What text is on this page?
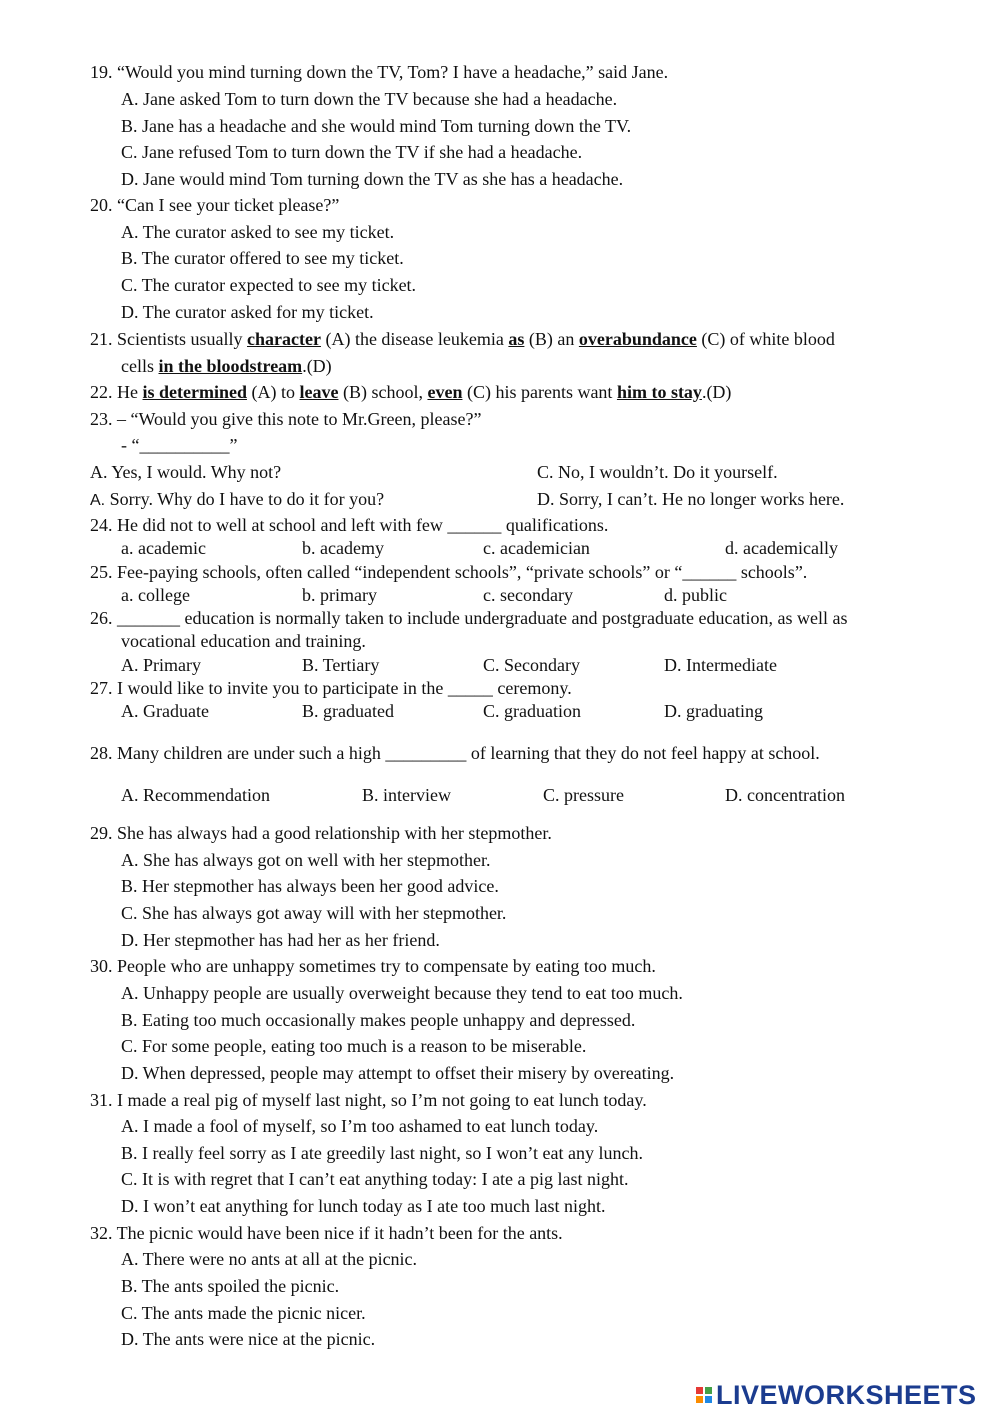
19. “Would you mind turning down the TV, Tom? I have a headache,” said Jane.
A. Jane asked Tom to turn down the TV because she had a headache.
B. Jane has a headache and she would mind Tom turning down the TV.
C. Jane refused Tom to turn down the TV if she had a headache.
D. Jane would mind Tom turning down the TV as she has a headache.
20. “Can I see your ticket please?”
A. The curator asked to see my ticket.
B. The curator offered to see my ticket.
C. The curator expected to see my ticket.
D. The curator asked for my ticket.
21. Scientists usually character (A) the disease leukemia as (B) an overabundance (C) of white blood
cells in the bloodstream.(D)
22. He is determined (A) to leave (B) school, even (C) his parents want him to stay.(D)
23. – “Would you give this note to Mr.Green, please?”
- “__________”
A. Yes, I would. Why not?	C. No, I wouldn’t. Do it yourself.
A. Sorry. Why do I have to do it for you?	D. Sorry, I can’t. He no longer works here.
24. He did not to well at school and left with few ______ qualifications.
a. academic	b. academy	c. academician	d. academically
25. Fee-paying schools, often called “independent schools”, “private schools” or “______ schools”.
a. college	b. primary	c. secondary	d. public
26. _______ education is normally taken to include undergraduate and postgraduate education, as well as
vocational education and training.
A. Primary	B. Tertiary	C. Secondary	D. Intermediate
27. I would like to invite you to participate in the _____ ceremony.
A. Graduate	B. graduated	C. graduation	D. graduating
28. Many children are under such a high _________ of learning that they do not feel happy at school.
A. Recommendation	B. interview	C. pressure	D. concentration
29. She has always had a good relationship with her stepmother.
A. She has always got on well with her stepmother.
B. Her stepmother has always been her good advice.
C. She has always got away will with her stepmother.
D. Her stepmother has had her as her friend.
30. People who are unhappy sometimes try to compensate by eating too much.
A. Unhappy people are usually overweight because they tend to eat too much.
B. Eating too much occasionally makes people unhappy and depressed.
C. For some people, eating too much is a reason to be miserable.
D. When depressed, people may attempt to offset their misery by overeating.
31. I made a real pig of myself last night, so I’m not going to eat lunch today.
A. I made a fool of myself, so I’m too ashamed to eat lunch today.
B. I really feel sorry as I ate greedily last night, so I won’t eat any lunch.
C. It is with regret that I can’t eat anything today: I ate a pig last night.
D. I won’t eat anything for lunch today as I ate too much last night.
32. The picnic would have been nice if it hadn’t been for the ants.
A. There were no ants at all at the picnic.
B. The ants spoiled the picnic.
C. The ants made the picnic nicer.
D. The ants were nice at the picnic.
LIVEWORKSHEETS
